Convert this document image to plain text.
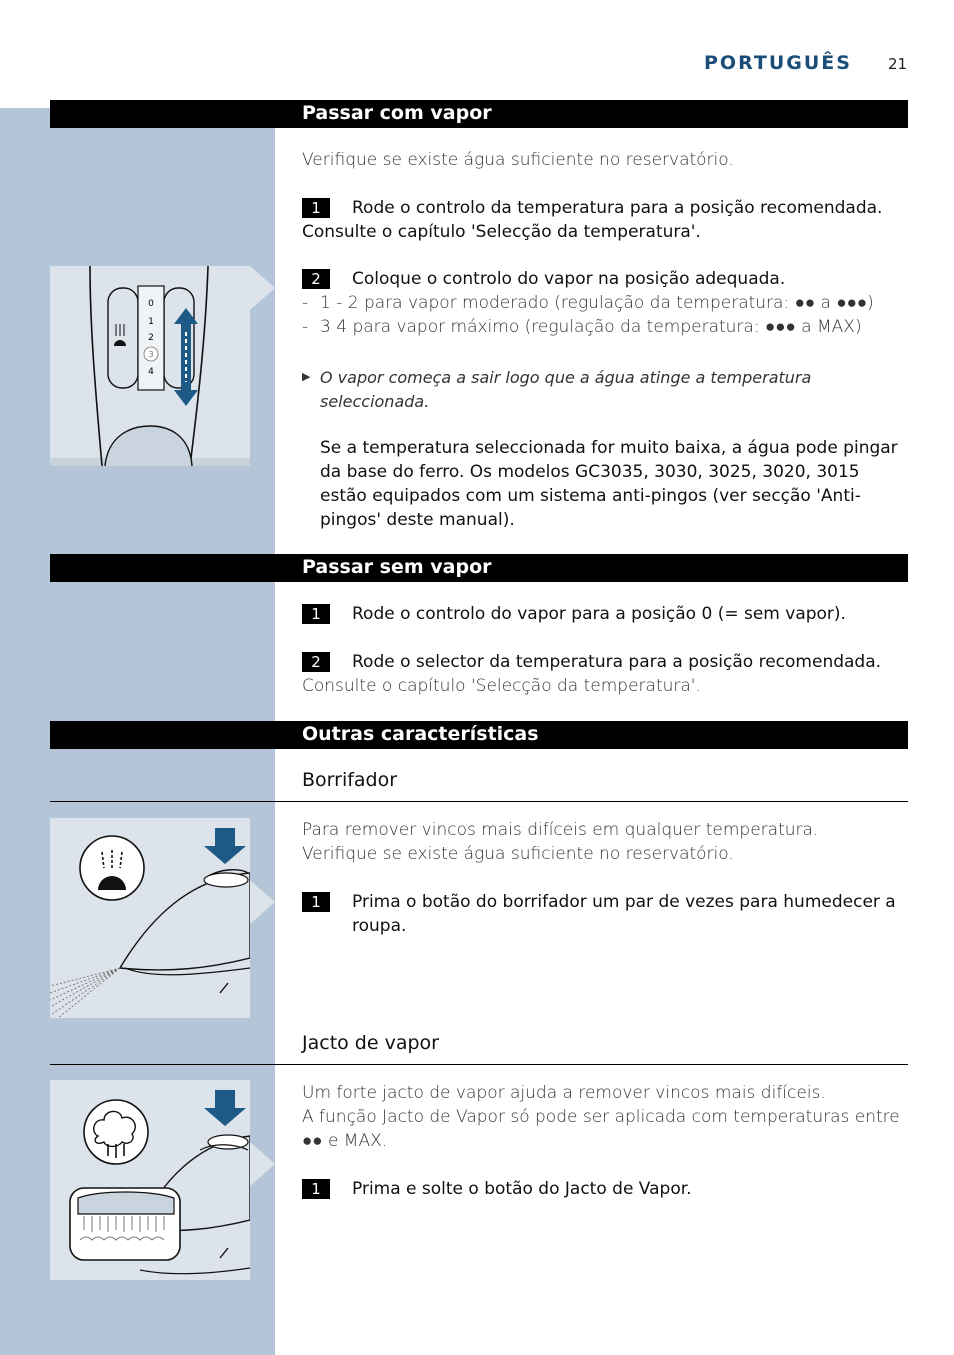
PORTUGUÊS 21
Passar com vapor
Verifique se existe água suficiente no reservatório.
1	Rode o controlo da temperatura para a posição recomendada.
Consulte o capítulo 'Selecção da temperatura'.
2	Coloque o controlo do vapor na posição adequada.
- 1 - 2 para vapor moderado (regulação da temperatura: ●● a ●●●)
- 3 4 para vapor máximo (regulação da temperatura: ●●● a MAX)
▶ O vapor começa a sair logo que a água atinge a temperatura seleccionada.
Se a temperatura seleccionada for muito baixa, a água pode pingar da base do ferro. Os modelos GC3035, 3030, 3025, 3020, 3015 estão equipados com um sistema anti-pingos (ver secção 'Anti-pingos' deste manual).
0
1
2
3
4
Passar sem vapor
1	Rode o controlo do vapor para a posição 0 (= sem vapor).
2	Rode o selector da temperatura para a posição recomendada.
Consulte o capítulo 'Selecção da temperatura'.
Outras características
Borrifador
Para remover vincos mais difíceis em qualquer temperatura.
Verifique se existe água suficiente no reservatório.
1	Prima o botão do borrifador um par de vezes para humedecer a roupa.
Jacto de vapor
Um forte jacto de vapor ajuda a remover vincos mais difíceis.
A função Jacto de Vapor só pode ser aplicada com temperaturas entre ●● e MAX.
1	Prima e solte o botão do Jacto de Vapor.
